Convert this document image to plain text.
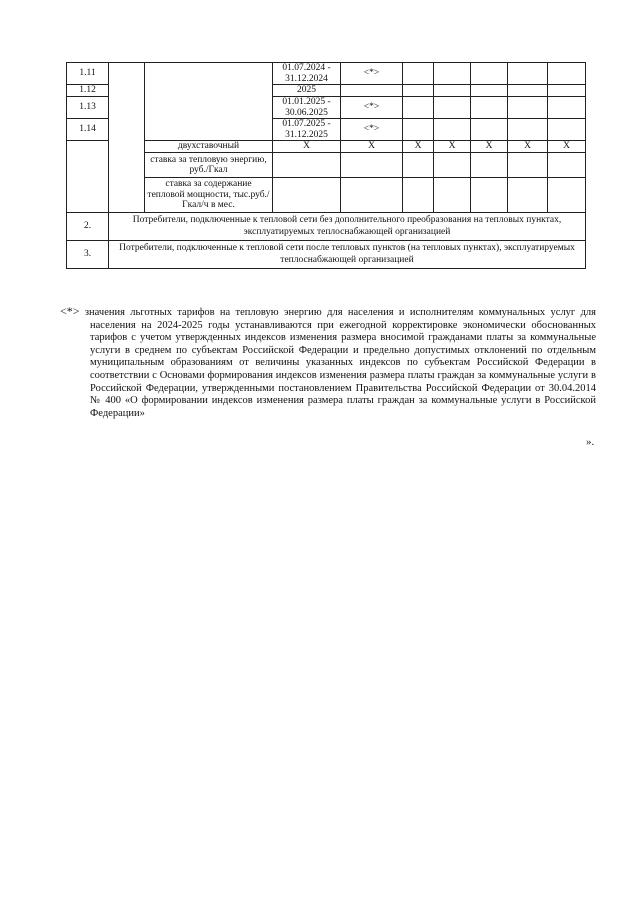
1.11			01.07.2024 - 31.12.2024	<*>					
1.12			2025						
1.13			01.01.2025 - 30.06.2025	<*>					
1.14			01.07.2025 - 31.12.2025	<*>					
		двухставочный	X	X	X	X	X	X	X
		ставка за тепловую энергию, руб./Гкал							
		ставка за содержание тепловой мощности, тыс.руб./Гкал/ч в мес.							
2.	Потребители, подключенные к тепловой сети без дополнительного преобразования на тепловых пунктах, эксплуатируемых теплоснабжающей организацией								
3.	Потребители, подключенные к тепловой сети после тепловых пунктов (на тепловых пунктах), эксплуатируемых теплоснабжающей организацией								
<*> значения льготных тарифов на тепловую энергию для населения и исполнителям коммунальных услуг для населения на 2024-2025 годы устанавливаются при ежегодной корректировке экономически обоснованных тарифов с учетом утвержденных индексов изменения размера вносимой гражданами платы за коммунальные услуги в среднем по субъектам Российской Федерации и предельно допустимых отклонений по отдельным муниципальным образованиям от величины указанных индексов по субъектам Российской Федерации в соответствии с Основами формирования индексов изменения размера платы граждан за коммунальные услуги в Российской Федерации, утвержденными постановлением Правительства Российской Федерации от 30.04.2014 № 400 «О формировании индексов изменения размера платы граждан за коммунальные услуги в Российской Федерации»
».
